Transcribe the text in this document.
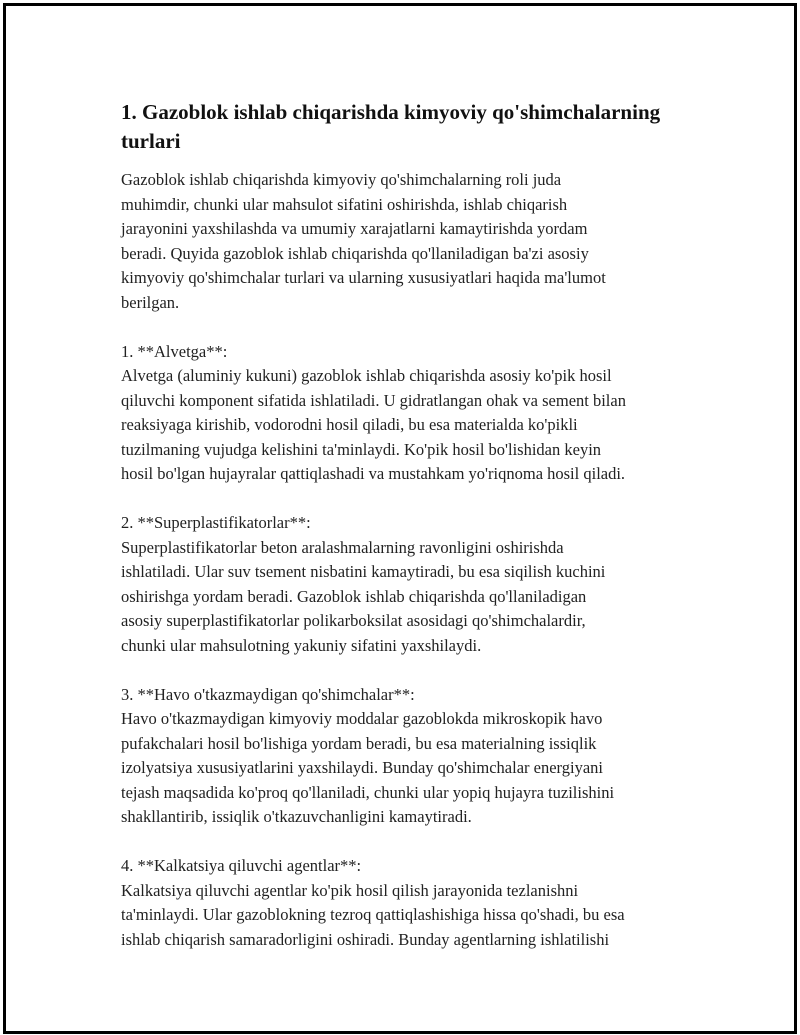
1. Gazoblok ishlab chiqarishda kimyoviy qo'shimchalarning turlari

Gazoblok ishlab chiqarishda kimyoviy qo'shimchalarning roli juda
muhimdir, chunki ular mahsulot sifatini oshirishda, ishlab chiqarish
jarayonini yaxshilashda va umumiy xarajatlarni kamaytirishda yordam
beradi. Quyida gazoblok ishlab chiqarishda qo'llaniladigan ba'zi asosiy
kimyoviy qo'shimchalar turlari va ularning xususiyatlari haqida ma'lumot
berilgan.

1. **Alvetga**:

Alvetga (aluminiy kukuni) gazoblok ishlab chiqarishda asosiy ko'pik hosil
qiluvchi komponent sifatida ishlatiladi. U gidratlangan ohak va sement bilan
reaksiyaga kirishib, vodorodni hosil qiladi, bu esa materialda ko'pikli
tuzilmaning vujudga kelishini ta'minlaydi. Ko'pik hosil bo'lishidan keyin
hosil bo'lgan hujayralar qattiqlashadi va mustahkam yo'riqnoma hosil qiladi.

2. **Superplastifikatorlar**:

Superplastifikatorlar beton aralashmalarning ravonligini oshirishda
ishlatiladi. Ular suv tsement nisbatini kamaytiradi, bu esa siqilish kuchini
oshirishga yordam beradi. Gazoblok ishlab chiqarishda qo'llaniladigan
asosiy superplastifikatorlar polikarboksilat asosidagi qo'shimchalardir,
chunki ular mahsulotning yakuniy sifatini yaxshilaydi.

3. **Havo o'tkazmaydigan qo'shimchalar**:

Havo o'tkazmaydigan kimyoviy moddalar gazoblokda mikroskopik havo
pufakchalari hosil bo'lishiga yordam beradi, bu esa materialning issiqlik
izolyatsiya xususiyatlarini yaxshilaydi. Bunday qo'shimchalar energiyani
tejash maqsadida ko'proq qo'llaniladi, chunki ular yopiq hujayra tuzilishini
shakllantirib, issiqlik o'tkazuvchanligini kamaytiradi.

4. **Kalkatsiya qiluvchi agentlar**:

Kalkatsiya qiluvchi agentlar ko'pik hosil qilish jarayonida tezlanishni
ta'minlaydi. Ular gazoblokning tezroq qattiqlashishiga hissa qo'shadi, bu esa
ishlab chiqarish samaradorligini oshiradi. Bunday agentlarning ishlatilishi
